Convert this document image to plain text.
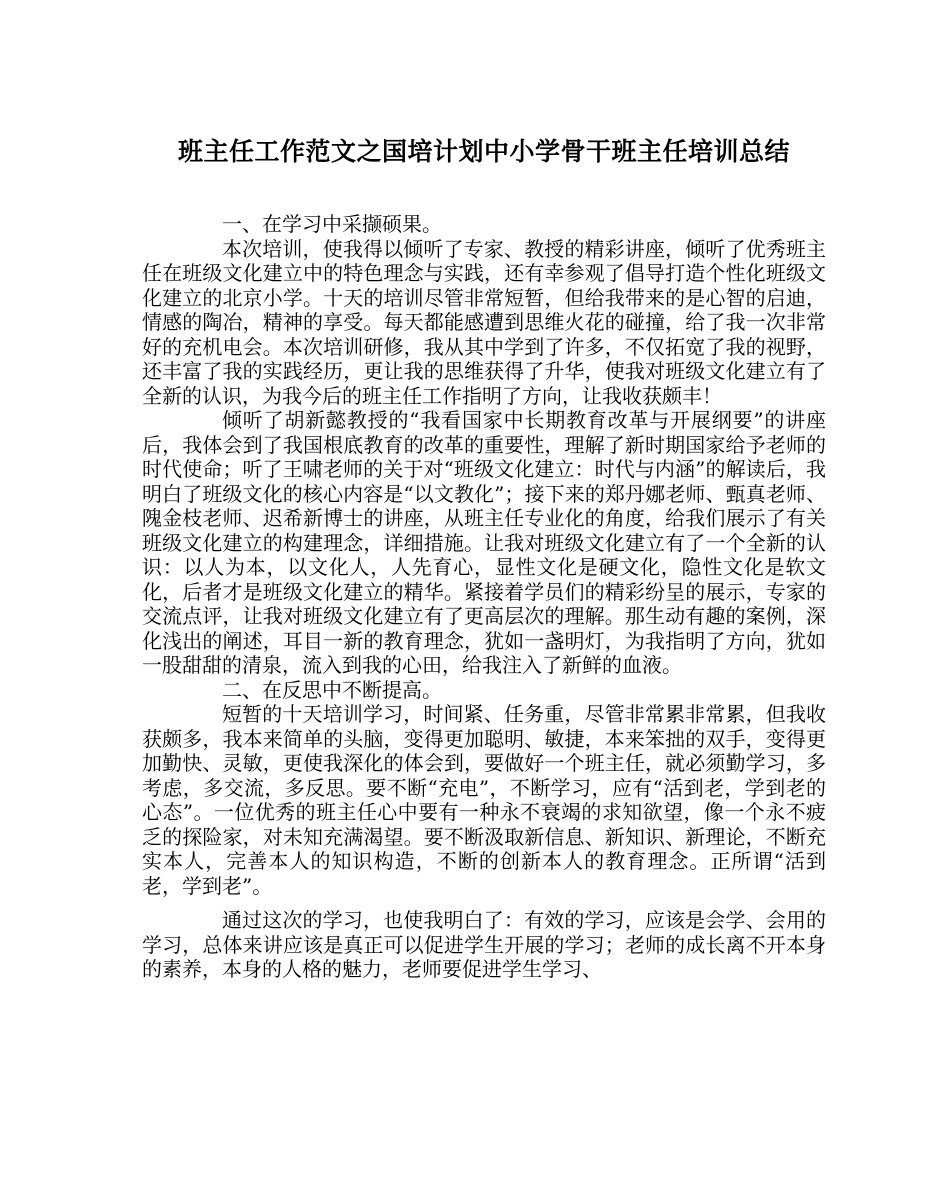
班主任工作范文之国培计划中小学骨干班主任培训总结

一、在学习中采撷硕果。

本次培训，使我得以倾听了专家、教授的精彩讲座，倾听了优秀班主任在班级文化建立中的特色理念与实践，还有幸参观了倡导打造个性化班级文化建立的北京小学。十天的培训尽管非常短暂，但给我带来的是心智的启迪，情感的陶冶，精神的享受。每天都能感遭到思维火花的碰撞，给了我一次非常好的充机电会。本次培训研修，我从其中学到了许多，不仅拓宽了我的视野，还丰富了我的实践经历，更让我的思维获得了升华，使我对班级文化建立有了全新的认识，为我今后的班主任工作指明了方向，让我收获颇丰！

倾听了胡新懿教授的“我看国家中长期教育改革与开展纲要”的讲座后，我体会到了我国根底教育的改革的重要性，理解了新时期国家给予老师的时代使命；听了王啸老师的关于对“班级文化建立：时代与内涵”的解读后，我明白了班级文化的核心内容是“以文教化”；接下来的郑丹娜老师、甄真老师、隗金枝老师、迟希新博士的讲座，从班主任专业化的角度，给我们展示了有关班级文化建立的构建理念，详细措施。让我对班级文化建立有了一个全新的认识：以人为本，以文化人，人先育心，显性文化是硬文化，隐性文化是软文化，后者才是班级文化建立的精华。紧接着学员们的精彩纷呈的展示，专家的交流点评，让我对班级文化建立有了更高层次的理解。那生动有趣的案例，深化浅出的阐述，耳目一新的教育理念，犹如一盏明灯，为我指明了方向，犹如一股甜甜的清泉，流入到我的心田，给我注入了新鲜的血液。

二、在反思中不断提高。

短暂的十天培训学习，时间紧、任务重，尽管非常累非常累，但我收获颇多，我本来简单的头脑，变得更加聪明、敏捷，本来笨拙的双手，变得更加勤快、灵敏，更使我深化的体会到，要做好一个班主任，就必须勤学习，多考虑，多交流，多反思。要不断“充电”，不断学习，应有“活到老，学到老的心态”。一位优秀的班主任心中要有一种永不衰竭的求知欲望，像一个永不疲乏的探险家，对未知充满渴望。要不断汲取新信息、新知识、新理论，不断充实本人，完善本人的知识构造，不断的创新本人的教育理念。正所谓“活到老，学到老”。

通过这次的学习，也使我明白了：有效的学习，应该是会学、会用的学习，总体来讲应该是真正可以促进学生开展的学习；老师的成长离不开本身的素养，本身的人格的魅力，老师要促进学生学习、
